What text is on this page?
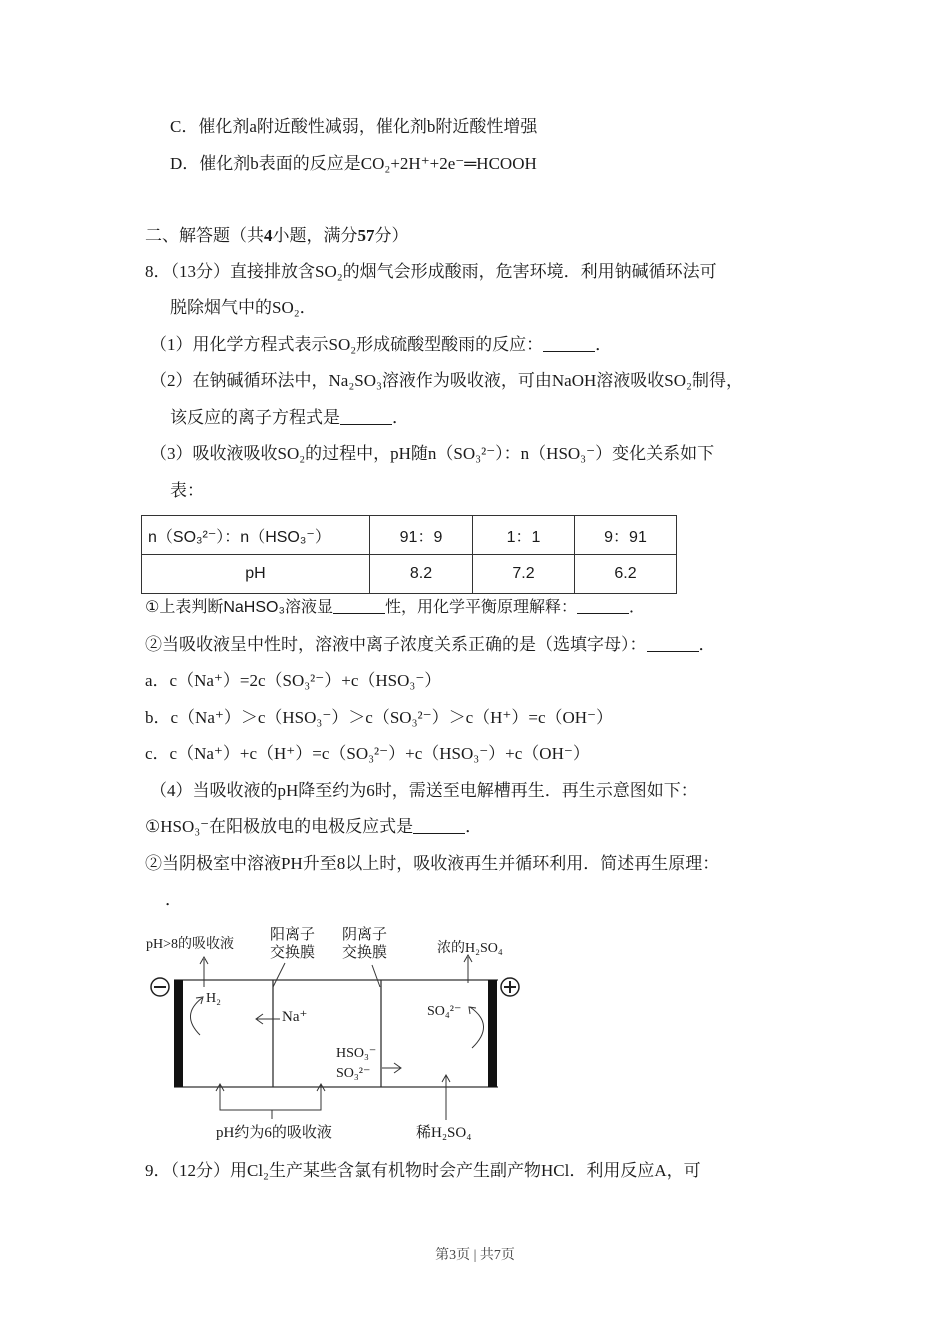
C．催化剂a附近酸性减弱，催化剂b附近酸性增强
D．催化剂b表面的反应是CO₂+2H⁺+2e⁻═HCOOH
二、解答题（共4小题，满分57分）
8．（13分）直接排放含SO₂的烟气会形成酸雨，危害环境．利用钠碱循环法可
脱除烟气中的SO₂．
（1）用化学方程式表示SO₂形成硫酸型酸雨的反应：	．
（2）在钠碱循环法中，Na₂SO₃溶液作为吸收液，可由NaOH溶液吸收SO₂制得，
该反应的离子方程式是	．
（3）吸收液吸收SO₂的过程中，pH随n（SO₃²⁻）：n（HSO₃⁻）变化关系如下
表：
n（SO₃²⁻）：n（HSO₃⁻）	91：9	1：1	9：91
pH	8.2	7.2	6.2
①上表判断NaHSO₃溶液显	性，用化学平衡原理解释：	．
②当吸收液呈中性时，溶液中离子浓度关系正确的是（选填字母）：	．
a．c（Na⁺）=2c（SO₃²⁻）+c（HSO₃⁻）
b．c（Na⁺）＞c（HSO₃⁻）＞c（SO₃²⁻）＞c（H⁺）=c（OH⁻）
c．c（Na⁺）+c（H⁺）=c（SO₃²⁻）+c（HSO₃⁻）+c（OH⁻）
（4）当吸收液的pH降至约为6时，需送至电解槽再生．再生示意图如下：
①HSO₃⁻在阳极放电的电极反应式是	．
②当阴极室中溶液PH升至8以上时，吸收液再生并循环利用．简述再生原理：
．
pH>8的吸收液
阳离子
交换膜
阴离子
交换膜	浓的H₂SO₄
H₂
Na⁺	SO₄²⁻
HSO₃⁻
SO₃²⁻
pH约为6的吸收液	稀H₂SO₄
9．（12分）用Cl₂生产某些含氯有机物时会产生副产物HCl．利用反应A，可
第3页 | 共7页
